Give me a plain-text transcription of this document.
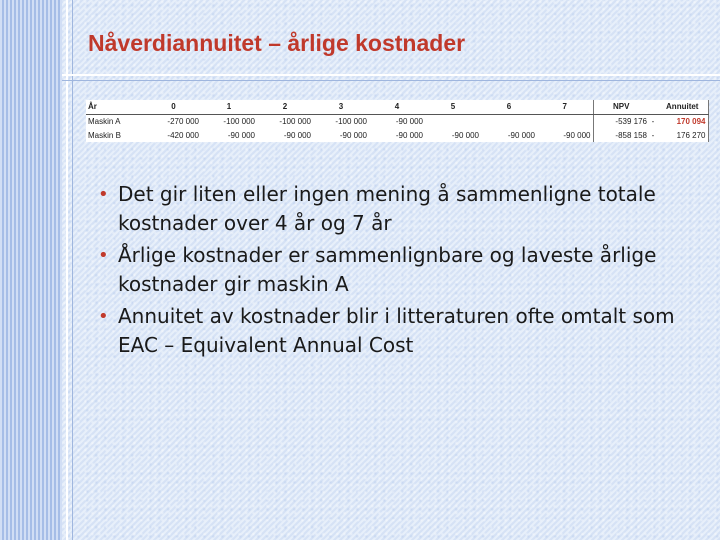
Nåverdiannuitet – årlige kostnader
År	0	1	2	3	4	5	6	7	NPV		Annuitet
Maskin A	-270 000	-100 000	-100 000	-100 000	-90 000				-539 176	-	170 094
Maskin B	-420 000	-90 000	-90 000	-90 000	-90 000	-90 000	-90 000	-90 000	-858 158	-	176 270
• Det gir liten eller ingen mening å sammenligne totale kostnader over 4 år og 7 år
• Årlige kostnader er sammenlignbare og laveste årlige kostnader gir maskin A
• Annuitet av kostnader blir i litteraturen ofte omtalt som EAC – Equivalent Annual Cost
